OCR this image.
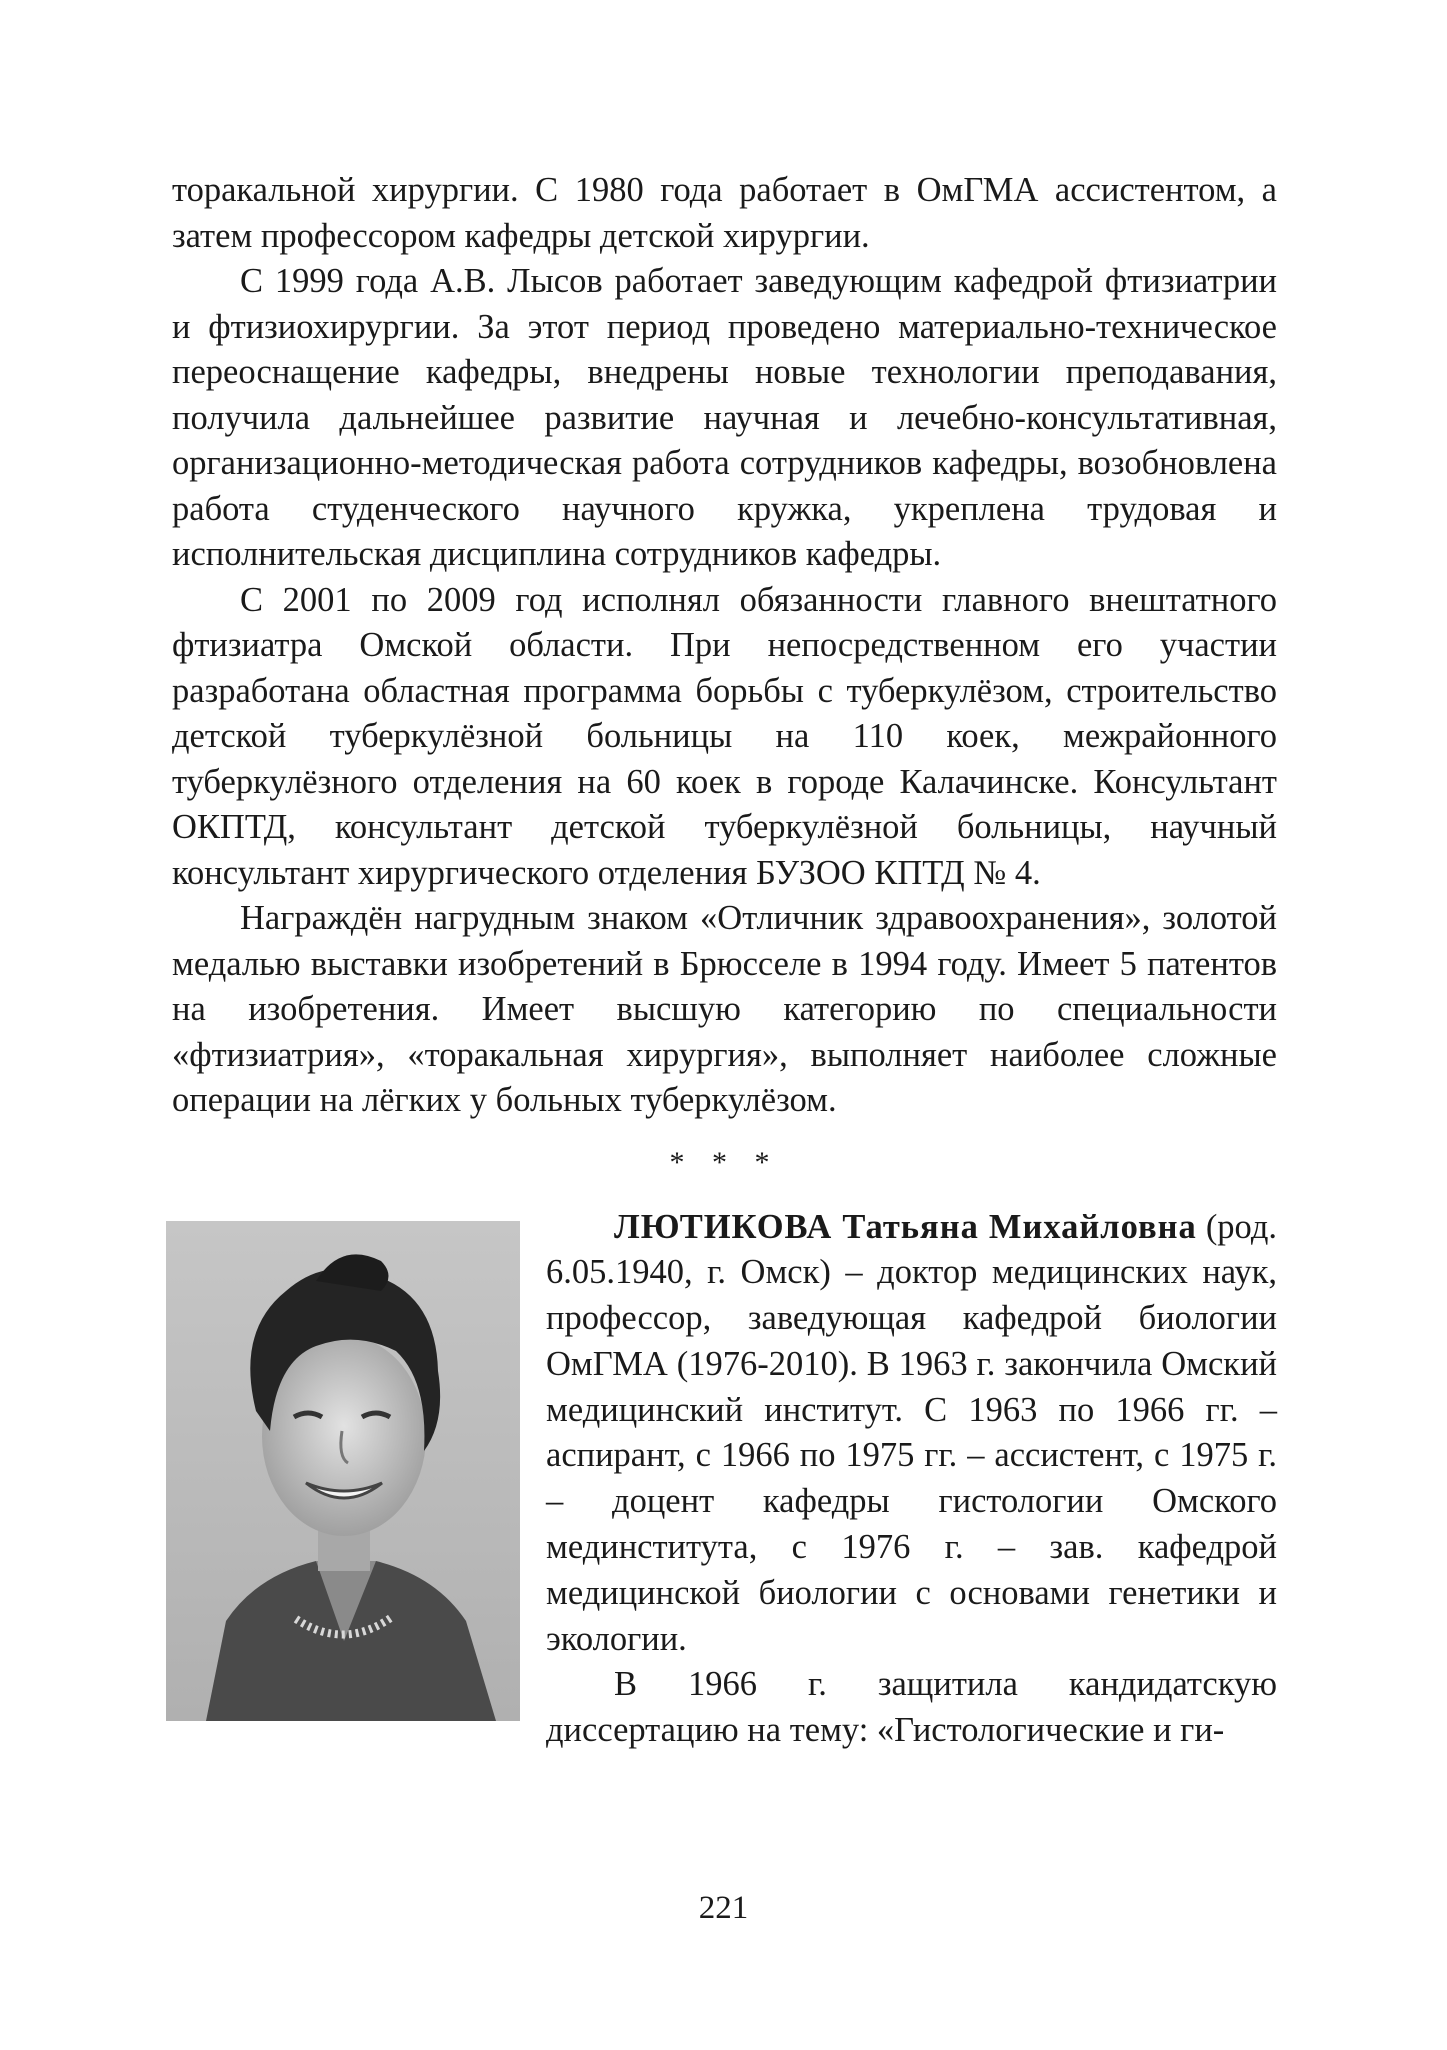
торакальной хирургии. С 1980 года работает в ОмГМА ассистентом, а затем профессором кафедры детской хирургии.

С 1999 года А.В. Лысов работает заведующим кафедрой фтизиатрии и фтизиохирургии. За этот период проведено материально-техническое переоснащение кафедры, внедрены новые технологии преподавания, получила дальнейшее развитие научная и лечебно-консультативная, организационно-методическая работа сотрудников кафедры, возобновлена работа студенческого научного кружка, укреплена трудовая и исполнительская дисциплина сотрудников кафедры.

С 2001 по 2009 год исполнял обязанности главного внештатного фтизиатра Омской области. При непосредственном его участии разработана областная программа борьбы с туберкулёзом, строительство детской туберкулёзной больницы на 110 коек, межрайонного туберкулёзного отделения на 60 коек в городе Калачинске. Консультант ОКПТД, консультант детской туберкулёзной больницы, научный консультант хирургического отделения БУЗОО КПТД № 4.

Награждён нагрудным знаком «Отличник здравоохранения», золотой медалью выставки изобретений в Брюсселе в 1994 году. Имеет 5 патентов на изобретения. Имеет высшую категорию по специальности «фтизиатрия», «торакальная хирургия», выполняет наиболее сложные операции на лёгких у больных туберкулёзом.

* * *

ЛЮТИКОВА Татьяна Михайловна (род. 6.05.1940, г. Омск) – доктор медицинских наук, профессор, заведующая кафедрой биологии ОмГМА (1976-2010). В 1963 г. закончила Омский медицинский институт. С 1963 по 1966 гг. – аспирант, с 1966 по 1975 гг. – ассистент, с 1975 г. – доцент кафедры гистологии Омского мединститута, с 1976 г. – зав. кафедрой медицинской биологии с основами генетики и экологии.

В 1966 г. защитила кандидатскую диссертацию на тему: «Гистологические и ги-

221
